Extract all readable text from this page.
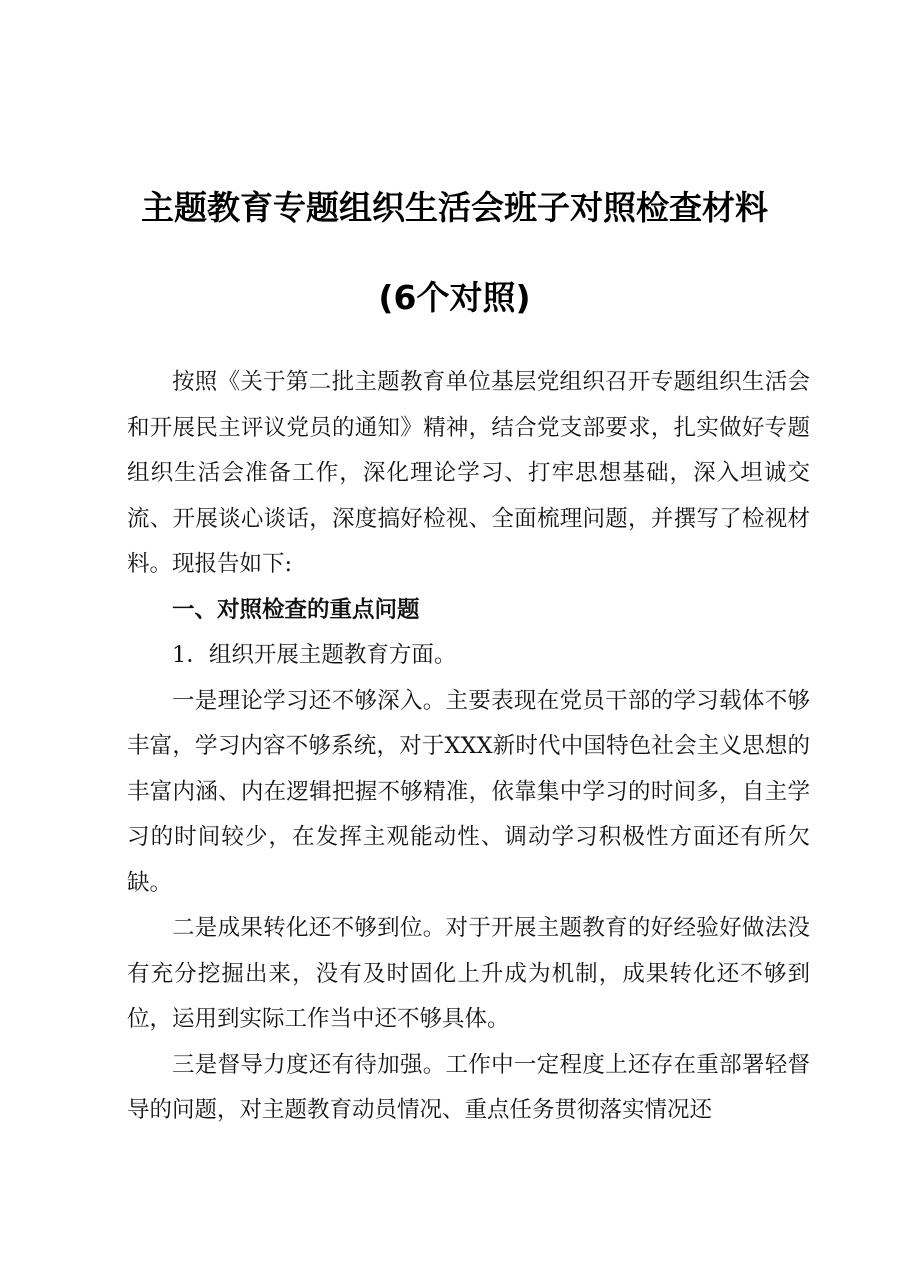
主题教育专题组织生活会班子对照检查材料
(6个对照)

按照《关于第二批主题教育单位基层党组织召开专题组织生活会和开展民主评议党员的通知》精神，结合党支部要求，扎实做好专题组织生活会准备工作，深化理论学习、打牢思想基础，深入坦诚交流、开展谈心谈话，深度搞好检视、全面梳理问题，并撰写了检视材料。现报告如下:

一、对照检查的重点问题

1．组织开展主题教育方面。

一是理论学习还不够深入。主要表现在党员干部的学习载体不够丰富，学习内容不够系统，对于XXX新时代中国特色社会主义思想的丰富内涵、内在逻辑把握不够精准，依靠集中学习的时间多，自主学习的时间较少，在发挥主观能动性、调动学习积极性方面还有所欠缺。

二是成果转化还不够到位。对于开展主题教育的好经验好做法没有充分挖掘出来，没有及时固化上升成为机制，成果转化还不够到位，运用到实际工作当中还不够具体。

三是督导力度还有待加强。工作中一定程度上还存在重部署轻督导的问题，对主题教育动员情况、重点任务贯彻落实情况还
